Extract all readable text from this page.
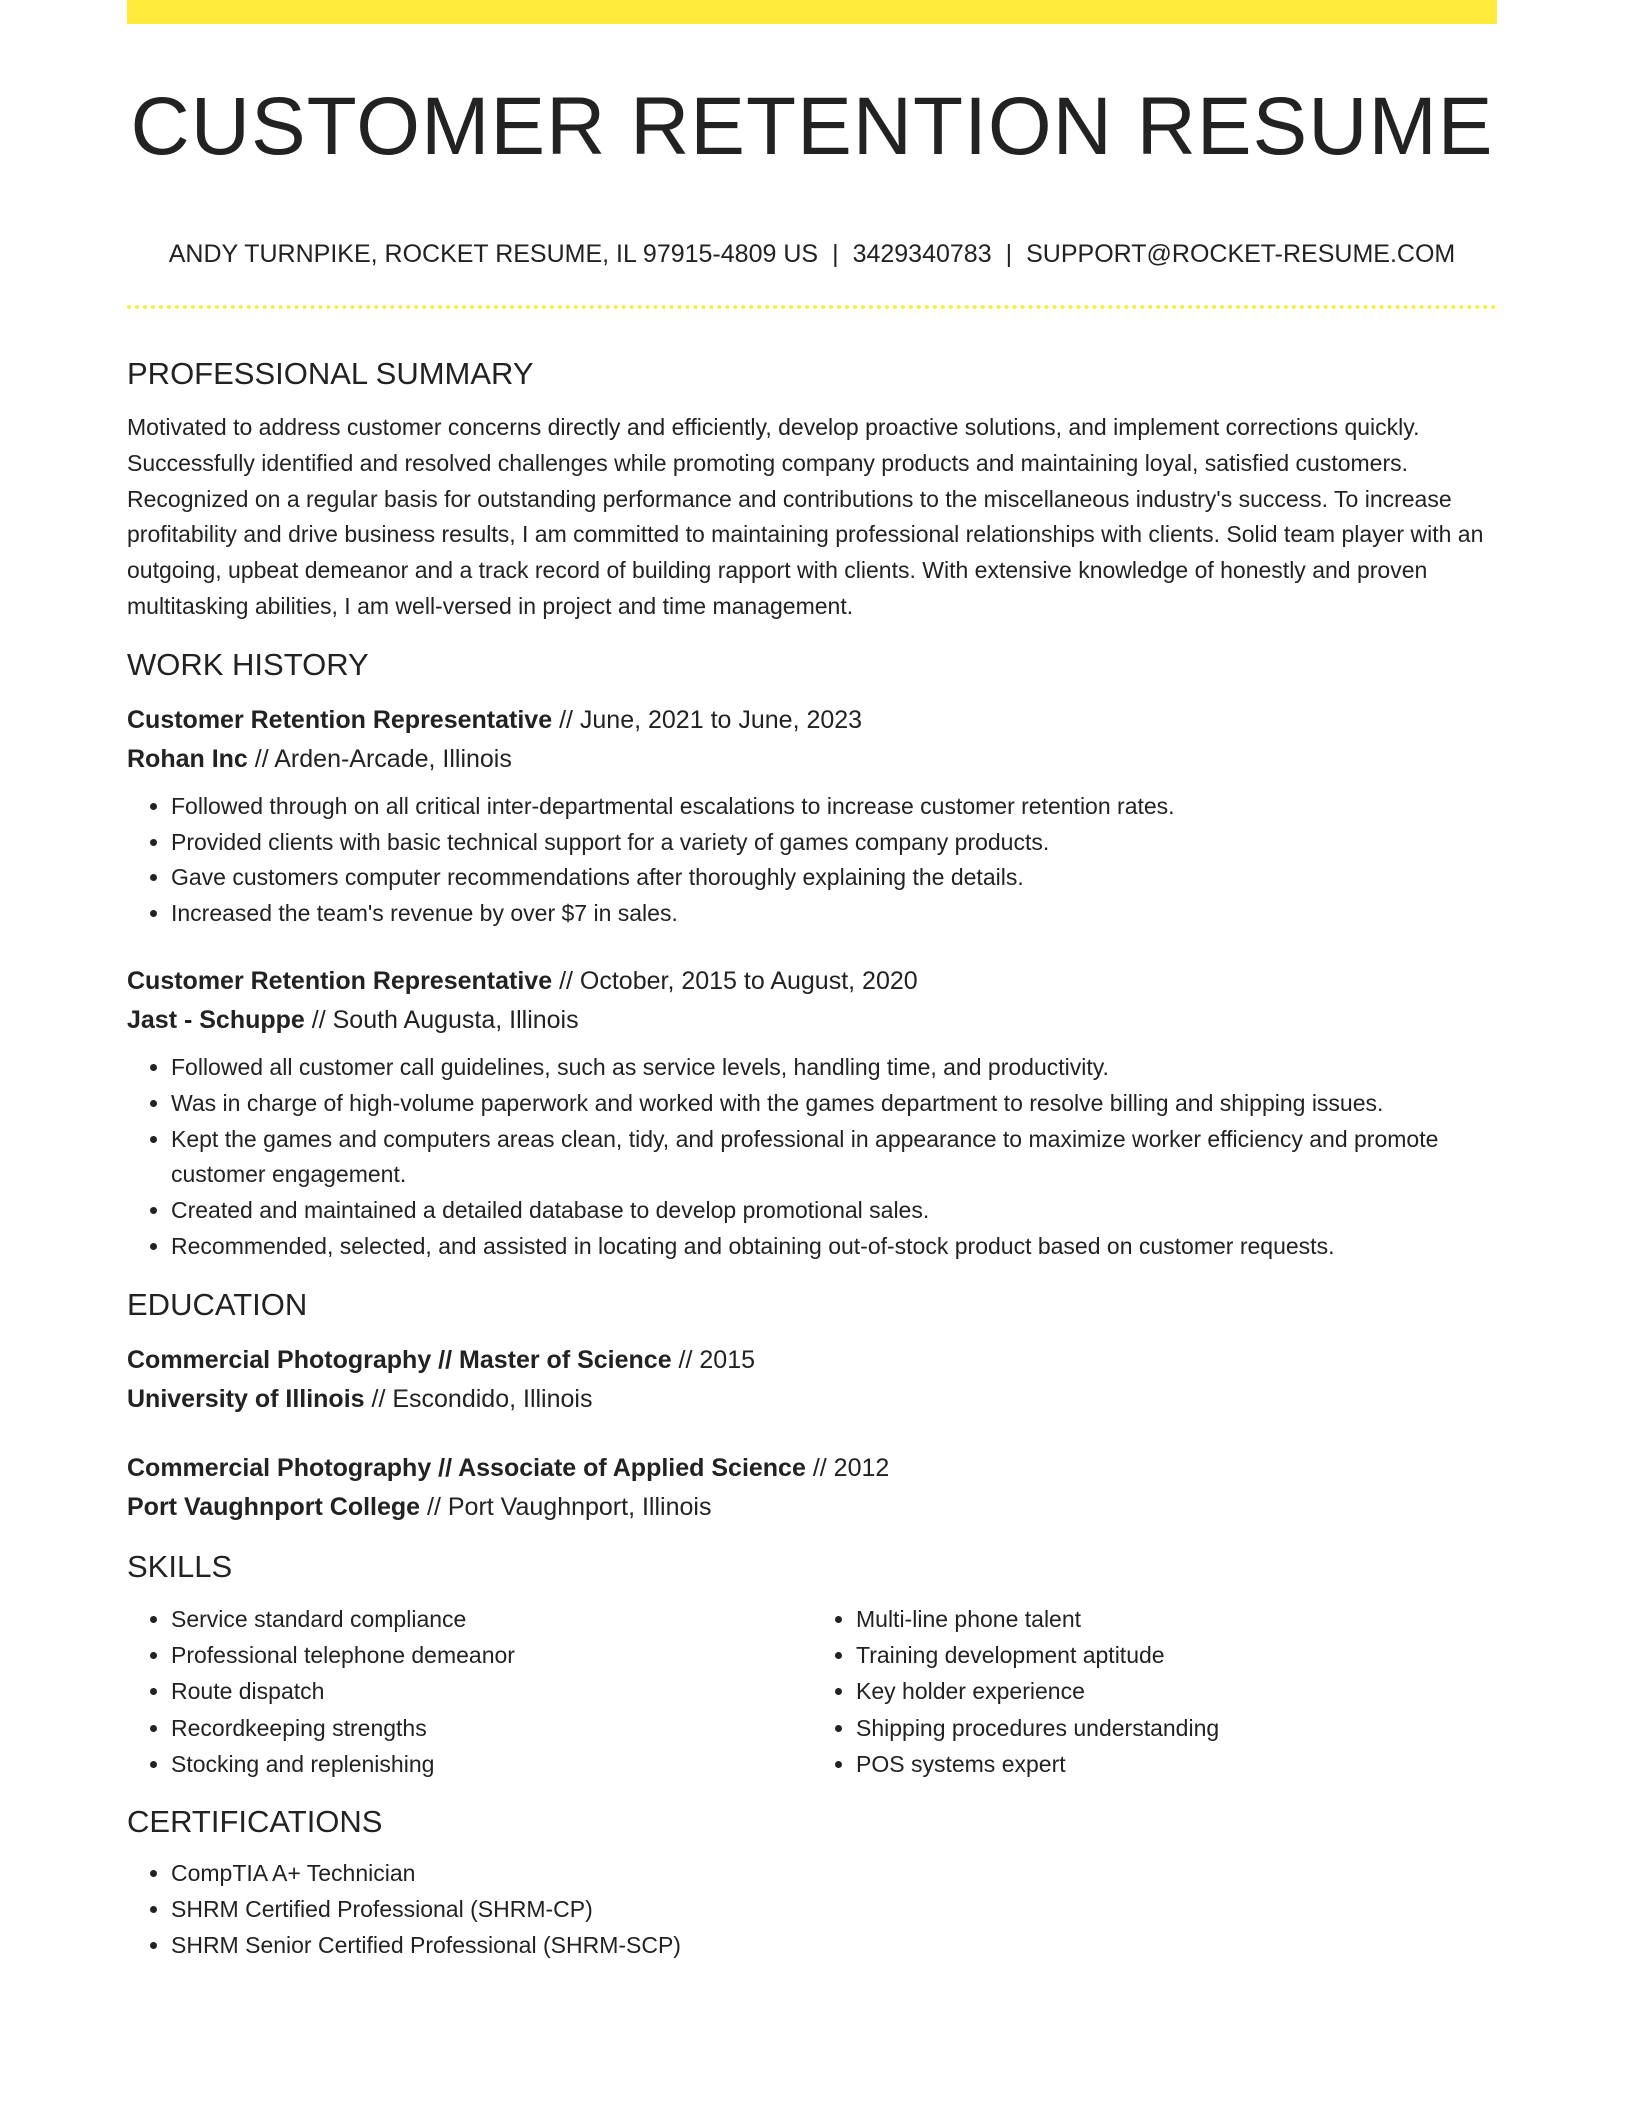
CUSTOMER RETENTION RESUME
ANDY TURNPIKE, ROCKET RESUME, IL 97915-4809 US | 3429340783 | SUPPORT@ROCKET-RESUME.COM
PROFESSIONAL SUMMARY

Motivated to address customer concerns directly and efficiently, develop proactive solutions, and implement corrections quickly. Successfully identified and resolved challenges while promoting company products and maintaining loyal, satisfied customers. Recognized on a regular basis for outstanding performance and contributions to the miscellaneous industry's success. To increase profitability and drive business results, I am committed to maintaining professional relationships with clients. Solid team player with an outgoing, upbeat demeanor and a track record of building rapport with clients. With extensive knowledge of honestly and proven multitasking abilities, I am well-versed in project and time management.

WORK HISTORY
Customer Retention Representative // June, 2021 to June, 2023
Rohan Inc // Arden-Arcade, Illinois
• Followed through on all critical inter-departmental escalations to increase customer retention rates.
• Provided clients with basic technical support for a variety of games company products.
• Gave customers computer recommendations after thoroughly explaining the details.
• Increased the team's revenue by over $7 in sales.
Customer Retention Representative // October, 2015 to August, 2020
Jast - Schuppe // South Augusta, Illinois
• Followed all customer call guidelines, such as service levels, handling time, and productivity.
• Was in charge of high-volume paperwork and worked with the games department to resolve billing and shipping issues.
• Kept the games and computers areas clean, tidy, and professional in appearance to maximize worker efficiency and promote customer engagement.
• Created and maintained a detailed database to develop promotional sales.
• Recommended, selected, and assisted in locating and obtaining out-of-stock product based on customer requests.
EDUCATION
Commercial Photography // Master of Science // 2015
University of Illinois // Escondido, Illinois
Commercial Photography // Associate of Applied Science // 2012
Port Vaughnport College // Port Vaughnport, Illinois
SKILLS
• Service standard compliance
• Professional telephone demeanor
• Route dispatch
• Recordkeeping strengths
• Stocking and replenishing
• Multi-line phone talent
• Training development aptitude
• Key holder experience
• Shipping procedures understanding
• POS systems expert
CERTIFICATIONS
• CompTIA A+ Technician
• SHRM Certified Professional (SHRM-CP)
• SHRM Senior Certified Professional (SHRM-SCP)
